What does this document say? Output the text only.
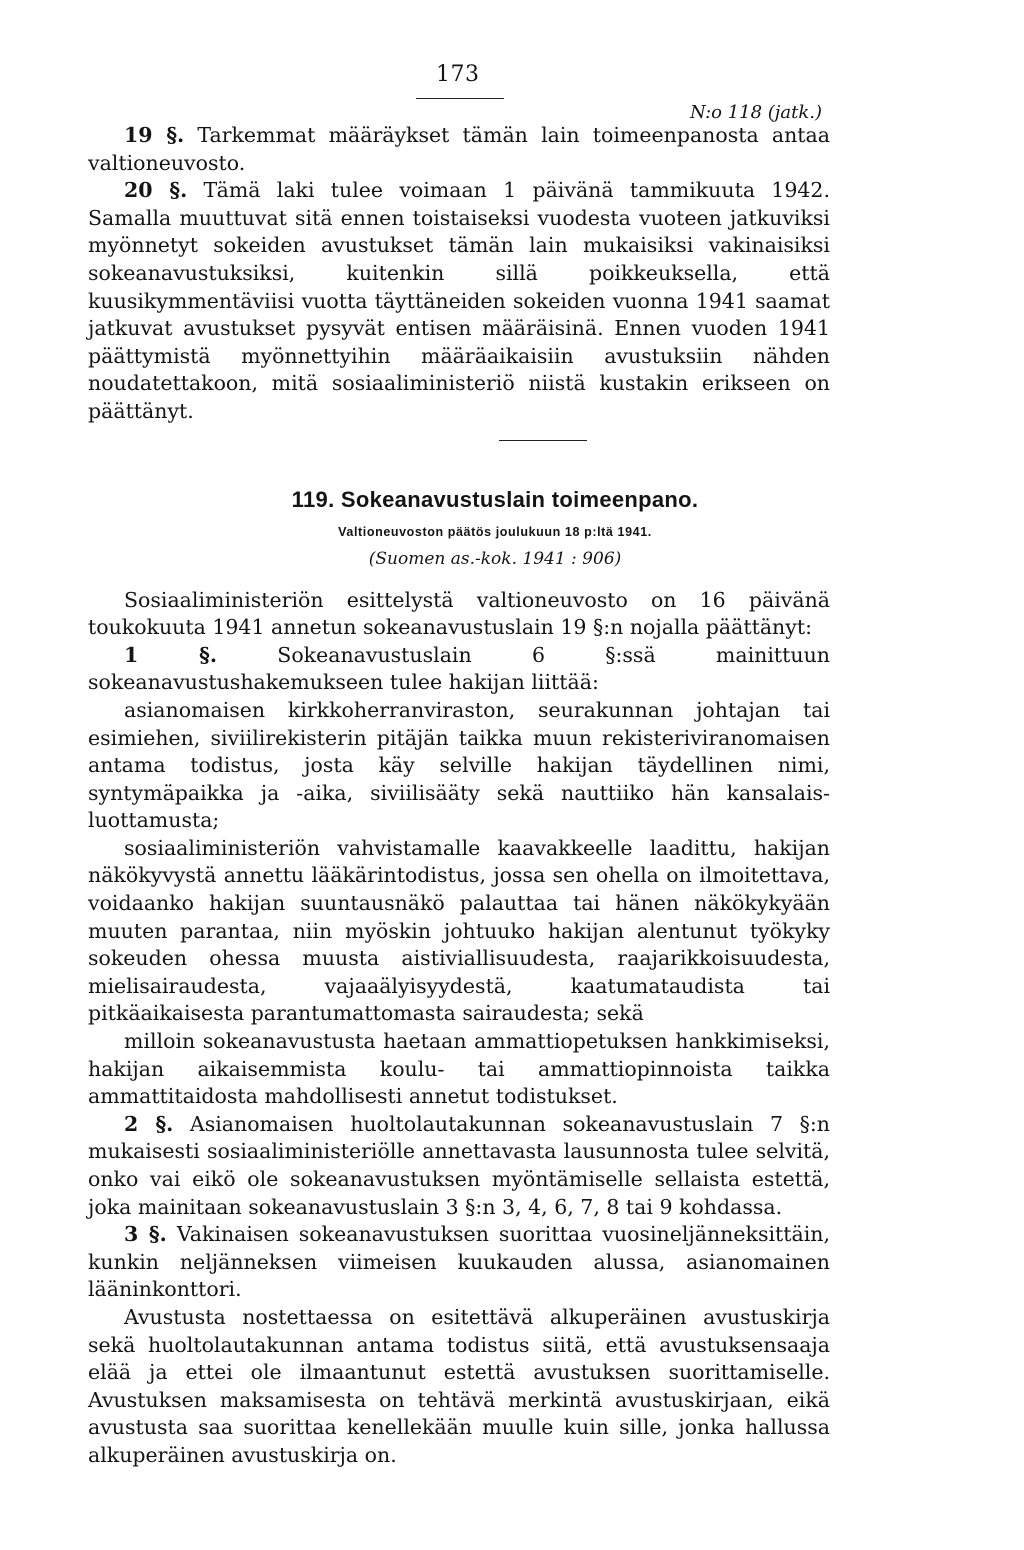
173
N:o 118 (jatk.)

19 §. Tarkemmat määräykset tämän lain toimeenpanosta antaa valtioneuvosto.

20 §. Tämä laki tulee voimaan 1 päivänä tammikuuta 1942. Samalla muuttuvat sitä ennen toistaiseksi vuodesta vuoteen jatkuviksi myönnetyt sokeiden avustukset tämän lain mukaisiksi vakinaisiksi sokeanavustuksiksi, kuitenkin sillä poikkeuksella, että kuusikymmentäviisi vuotta täyttäneiden sokeiden vuonna 1941 saamat jatkuvat avustukset pysyvät entisen määräisinä. Ennen vuoden 1941 päättymistä myönnettyihin määräaikaisiin avustuksiin nähden noudatettakoon, mitä sosiaaliministeriö niistä kustakin erikseen on päättänyt.

119. Sokeanavustuslain toimeenpano.
Valtioneuvoston päätös joulukuun 18 p:ltä 1941.
(Suomen as.-kok. 1941 : 906)

Sosiaaliministeriön esittelystä valtioneuvosto on 16 päivänä toukokuuta 1941 annetun sokeanavustuslain 19 §:n nojalla päättänyt:

1 §. Sokeanavustuslain 6 §:ssä mainittuun sokeanavustushakemukseen tulee hakijan liittää:

asianomaisen kirkkoherranviraston, seurakunnan johtajan tai esimiehen, siviilirekisterin pitäjän taikka muun rekisteriviranomaisen antama todistus, josta käy selville hakijan täydellinen nimi, syntymäpaikka ja -aika, siviilisääty sekä nauttiiko hän kansalais-luottamusta;

sosiaaliministeriön vahvistamalle kaavakkeelle laadittu, hakijan näkökyvystä annettu lääkärintodistus, jossa sen ohella on ilmoitettava, voidaanko hakijan suuntausnäkö palauttaa tai hänen näkökykyään muuten parantaa, niin myöskin johtuuko hakijan alentunut työkyky sokeuden ohessa muusta aistiviallisuudesta, raajarikkoisuudesta, mielisairaudesta, vajaaälyisyydestä, kaatumataudista tai pitkäaikaisesta parantumattomasta sairaudesta; sekä

milloin sokeanavustusta haetaan ammattiopetuksen hankkimiseksi, hakijan aikaisemmista koulu- tai ammattiopinnoista taikka ammattitaidosta mahdollisesti annetut todistukset.

2 §. Asianomaisen huoltolautakunnan sokeanavustuslain 7 §:n mukaisesti sosiaaliministeriölle annettavasta lausunnosta tulee selvitä, onko vai eikö ole sokeanavustuksen myöntämiselle sellaista estettä, joka mainitaan sokeanavustuslain 3 §:n 3, 4, 6, 7, 8 tai 9 kohdassa.

3 §. Vakinaisen sokeanavustuksen suorittaa vuosineljänneksittäin, kunkin neljänneksen viimeisen kuukauden alussa, asianomainen lääninkonttori.

Avustusta nostettaessa on esitettävä alkuperäinen avustuskirja sekä huoltolautakunnan antama todistus siitä, että avustuksensaaja elää ja ettei ole ilmaantunut estettä avustuksen suorittamiselle. Avustuksen maksamisesta on tehtävä merkintä avustuskirjaan, eikä avustusta saa suorittaa kenellekään muulle kuin sille, jonka hallussa alkuperäinen avustuskirja on.
